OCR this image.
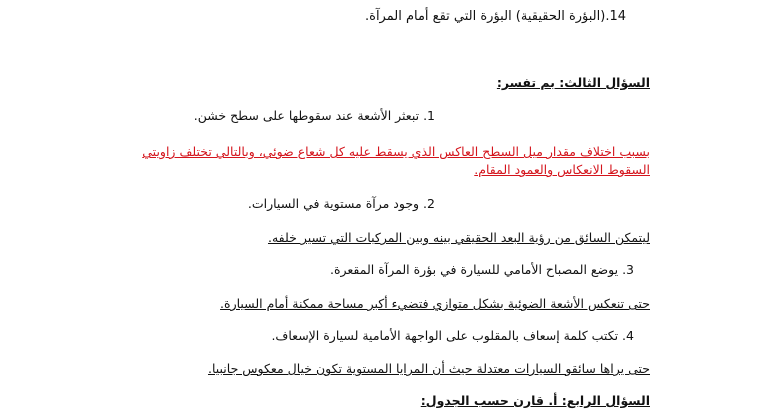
14.(البؤرة الحقيقية) البؤرة التي تقع أمام المرآة.
السؤال الثالث: بم تفسر:
1. تبعثر الأشعة عند سقوطها على سطح خشن.
بسبب اختلاف مقدار ميل السطح العاكس الذي يسقط عليه كل شعاع ضوئي، وبالتالي تختلف زاويتي
السقوط الانعكاس والعمود المقام.
2. وجود مرآة مستوية في السيارات.
ليتمكن السائق من رؤية البعد الحقيقي بينه وبين المركبات التي تسير خلفه.
3. يوضع المصباح الأمامي للسيارة في بؤرة المرآة المقعرة.
حتى تنعكس الأشعة الضوئية بشكل متوازي فتضيء أكبر مساحة ممكنة أمام السيارة.
4. تكتب كلمة إسعاف بالمقلوب على الواجهة الأمامية لسيارة الإسعاف.
حتى يراها سائقو السيارات معتدلة حيث أن المرايا المستوية تكون خيال معكوس جانبيا.
السؤال الرابع: أ. قارن حسب الجدول:
